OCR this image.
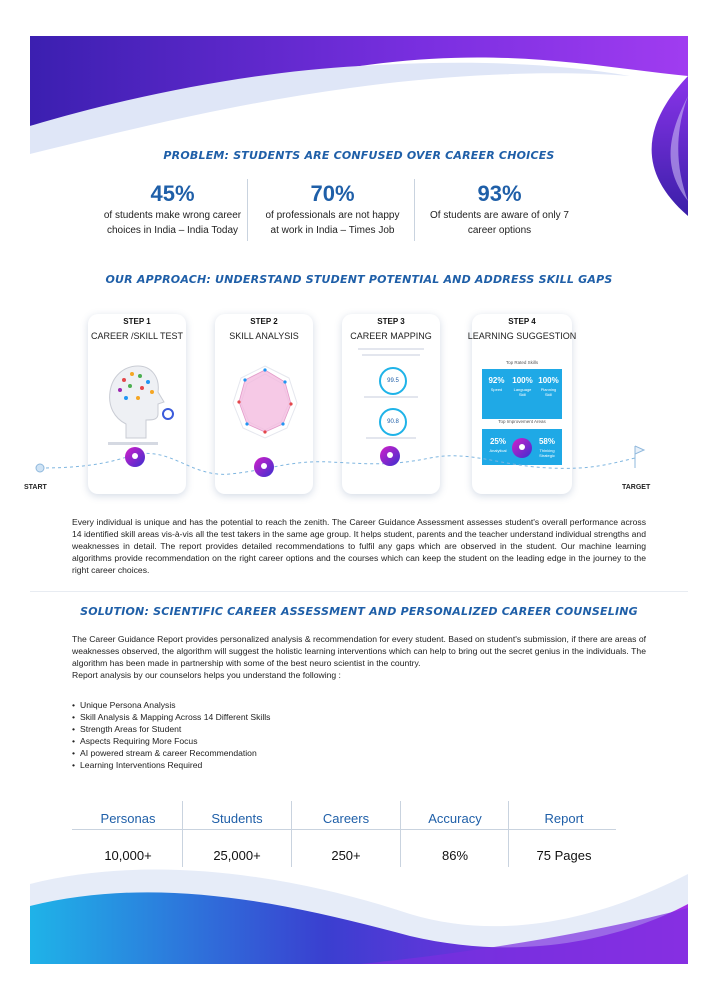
PROBLEM: STUDENTS ARE CONFUSED OVER CAREER CHOICES
45%
of students make wrong career
choices in India – India Today
70%
of professionals are not happy
at work in India – Times Job
93%
Of students are aware of only 7
career options
OUR APPROACH: UNDERSTAND STUDENT POTENTIAL AND ADDRESS SKILL GAPS
STEP 1
CAREER /SKILL TEST
STEP 2
SKILL ANALYSIS
STEP 3
CAREER MAPPING
STEP 4
LEARNING SUGGESTION
99.5
90.8
Top Rated Skills
92%
Speed
100%
Language Skill
100%
Planning Skill
Top Improvement Areas
25%
Analytical
58%
Thinking Strategic
START	TARGET
Every individual is unique and has the potential to reach the zenith. The Career Guidance Assessment assesses student's overall performance across 14 identified skill areas vis-à-vis all the test takers in the same age group. It helps student, parents and the teacher understand individual strengths and weaknesses in detail. The report provides detailed recommendations to fulfil any gaps which are observed in the student. Our machine learning algorithms provide recommendation on the right career options and the courses which can keep the student on the leading edge in the journey to the right career choices.
SOLUTION: SCIENTIFIC CAREER ASSESSMENT AND PERSONALIZED CAREER COUNSELING
The Career Guidance Report provides personalized analysis & recommendation for every student. Based on student's submission, if there are areas of weaknesses observed, the algorithm will suggest the holistic learning interventions which can help to bring out the secret genius in the individuals. The algorithm has been made in partnership with some of the best neuro scientist in the country.
Report analysis by our counselors helps you understand the following :
• Unique Persona Analysis
• Skill Analysis & Mapping Across 14 Different Skills
• Strength Areas for Student
• Aspects Requiring More Focus
• AI powered stream & career Recommendation
• Learning Interventions Required
Personas
10,000+
Students
25,000+
Careers
250+
Accuracy
86%
Report
75 Pages
